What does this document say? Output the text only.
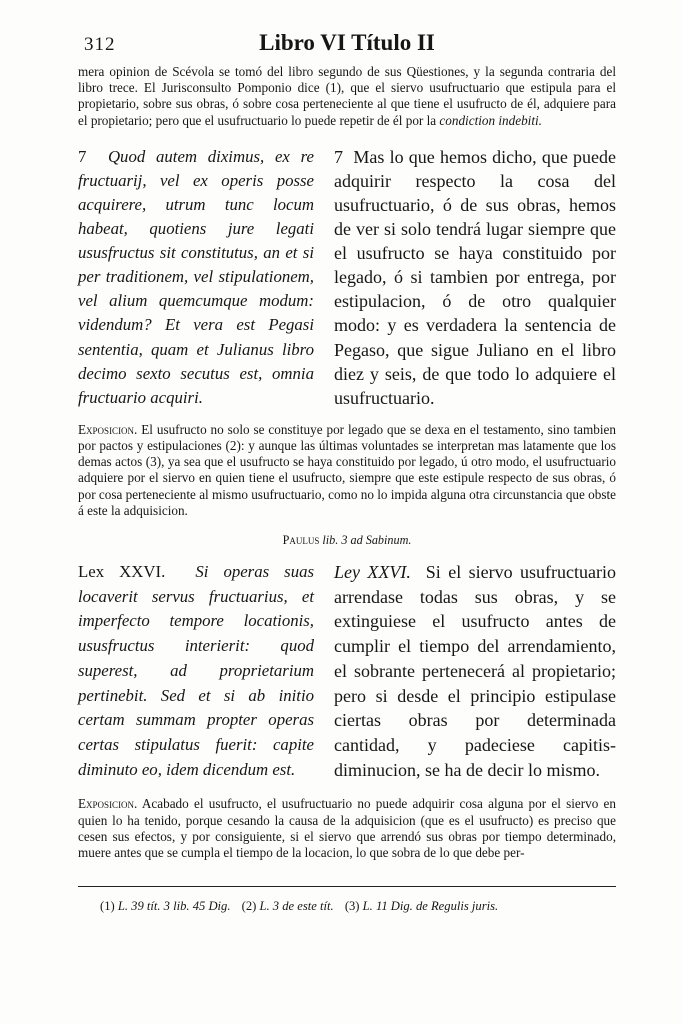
312	Libro VI Título II

mera opinion de Scévola se tomó del libro segundo de sus Qüestiones, y la segunda contraria del libro trece. El Jurisconsulto Pomponio dice (1), que el siervo usufructuario que estipula para el propietario, sobre sus obras, ó sobre cosa perteneciente al que tiene el usufructo de él, adquiere para el propietario; pero que el usufructuario lo puede repetir de él por la condiction indebiti.

7 Quod autem diximus, ex re fructuarij, vel ex operis posse acquirere, utrum tunc locum habeat, quotiens jure legati ususfructus sit constitutus, an et si per traditionem, vel stipulationem, vel alium quemcumque modum: videndum? Et vera est Pegasi sententia, quam et Julianus libro decimo sexto secutus est, omnia fructuario acquiri.
7 Mas lo que hemos dicho, que puede adquirir respecto la cosa del usufructuario, ó de sus obras, hemos de ver si solo tendrá lugar siempre que el usufructo se haya constituido por legado, ó si tambien por entrega, por estipulacion, ó de otro qualquier modo: y es verdadera la sentencia de Pegaso, que sigue Juliano en el libro diez y seis, de que todo lo adquiere el usufructuario.

Exposicion. El usufructo no solo se constituye por legado que se dexa en el testamento, sino tambien por pactos y estipulaciones (2): y aunque las últimas voluntades se interpretan mas latamente que los demas actos (3), ya sea que el usufructo se haya constituido por legado, ú otro modo, el usufructuario adquiere por el siervo en quien tiene el usufructo, siempre que este estipule respecto de sus obras, ó por cosa perteneciente al mismo usufructuario, como no lo impida alguna otra circunstancia que obste á este la adquisicion.

Paulus lib. 3 ad Sabinum.

Lex XXVI. Si operas suas locaverit servus fructuarius, et imperfecto tempore locationis, ususfructus interierit: quod superest, ad proprietarium pertinebit. Sed et si ab initio certam summam propter operas certas stipulatus fuerit: capite diminuto eo, idem dicendum est.
Ley XXVI. Si el siervo usufructuario arrendase todas sus obras, y se extinguiese el usufructo antes de cumplir el tiempo del arrendamiento, el sobrante pertenecerá al propietario; pero si desde el principio estipulase ciertas obras por determinada cantidad, y padeciese capitis-diminucion, se ha de decir lo mismo.

Exposicion. Acabado el usufructo, el usufructuario no puede adquirir cosa alguna por el siervo en quien lo ha tenido, porque cesando la causa de la adquisicion (que es el usufructo) es preciso que cesen sus efectos, y por consiguiente, si el siervo que arrendó sus obras por tiempo determinado, muere antes que se cumpla el tiempo de la locacion, lo que sobra de lo que debe per-

(1) L. 39 tít. 3 lib. 45 Dig. (2) L. 3 de este tít. (3) L. 11 Dig. de Regulis juris.
